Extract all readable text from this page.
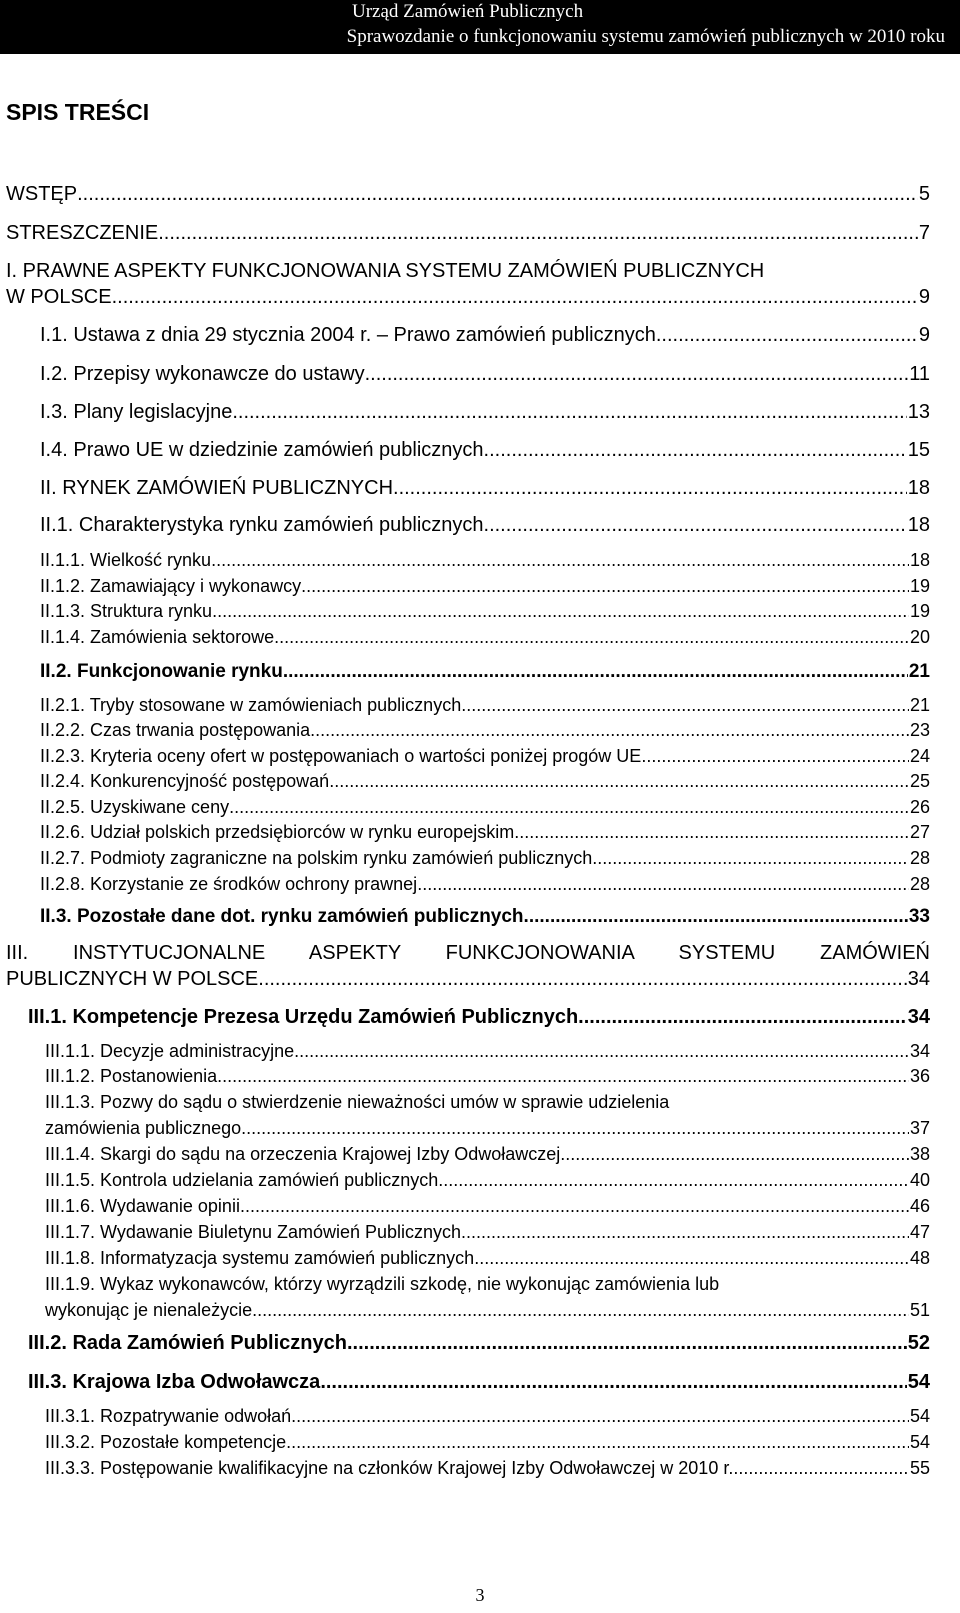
Urząd Zamówień Publicznych
Sprawozdanie o funkcjonowaniu systemu zamówień publicznych w 2010 roku
SPIS TREŚCI
WSTĘP .....	5
STRESZCZENIE .....	7
I. PRAWNE ASPEKTY FUNKCJONOWANIA SYSTEMU ZAMÓWIEŃ PUBLICZNYCH
W POLSCE .....	9
I.1. Ustawa z dnia 29 stycznia 2004 r. – Prawo zamówień publicznych .....	9
I.2. Przepisy wykonawcze do ustawy .....	11
I.3. Plany legislacyjne .....	13
I.4. Prawo UE w dziedzinie zamówień publicznych .....	15
II. RYNEK ZAMÓWIEŃ PUBLICZNYCH .....	18
II.1. Charakterystyka rynku zamówień publicznych .....	18
II.1.1. Wielkość rynku .....	18
II.1.2. Zamawiający i wykonawcy .....	19
II.1.3. Struktura rynku .....	19
II.1.4. Zamówienia sektorowe .....	20
II.2. Funkcjonowanie rynku .....	21
II.2.1. Tryby stosowane w zamówieniach publicznych .....	21
II.2.2. Czas trwania postępowania .....	23
II.2.3. Kryteria oceny ofert w postępowaniach o wartości poniżej progów UE .....	24
II.2.4. Konkurencyjność postępowań .....	25
II.2.5. Uzyskiwane ceny .....	26
II.2.6. Udział polskich przedsiębiorców w rynku europejskim .....	27
II.2.7. Podmioty zagraniczne na polskim rynku zamówień publicznych .....	28
II.2.8. Korzystanie ze środków ochrony prawnej .....	28
II.3. Pozostałe dane dot. rynku zamówień publicznych .....	33
III. INSTYTUCJONALNE ASPEKTY FUNKCJONOWANIA SYSTEMU ZAMÓWIEŃ
PUBLICZNYCH W POLSCE .....	34
III.1. Kompetencje Prezesa Urzędu Zamówień Publicznych .....	34
III.1.1. Decyzje administracyjne .....	34
III.1.2. Postanowienia .....	36
III.1.3. Pozwy do sądu o stwierdzenie nieważności umów w sprawie udzielenia
zamówienia publicznego .....	37
III.1.4. Skargi do sądu na orzeczenia Krajowej Izby Odwoławczej .....	38
III.1.5. Kontrola udzielania zamówień publicznych .....	40
III.1.6. Wydawanie opinii .....	46
III.1.7. Wydawanie Biuletynu Zamówień Publicznych .....	47
III.1.8. Informatyzacja systemu zamówień publicznych .....	48
III.1.9. Wykaz wykonawców, którzy wyrządzili szkodę, nie wykonując zamówienia lub
wykonując je nienależycie .....	51
III.2. Rada Zamówień Publicznych .....	52
III.3. Krajowa Izba Odwoławcza .....	54
III.3.1. Rozpatrywanie odwołań .....	54
III.3.2. Pozostałe kompetencje .....	54
III.3.3. Postępowanie kwalifikacyjne na członków Krajowej Izby Odwoławczej w 2010 r. .....	55
3
